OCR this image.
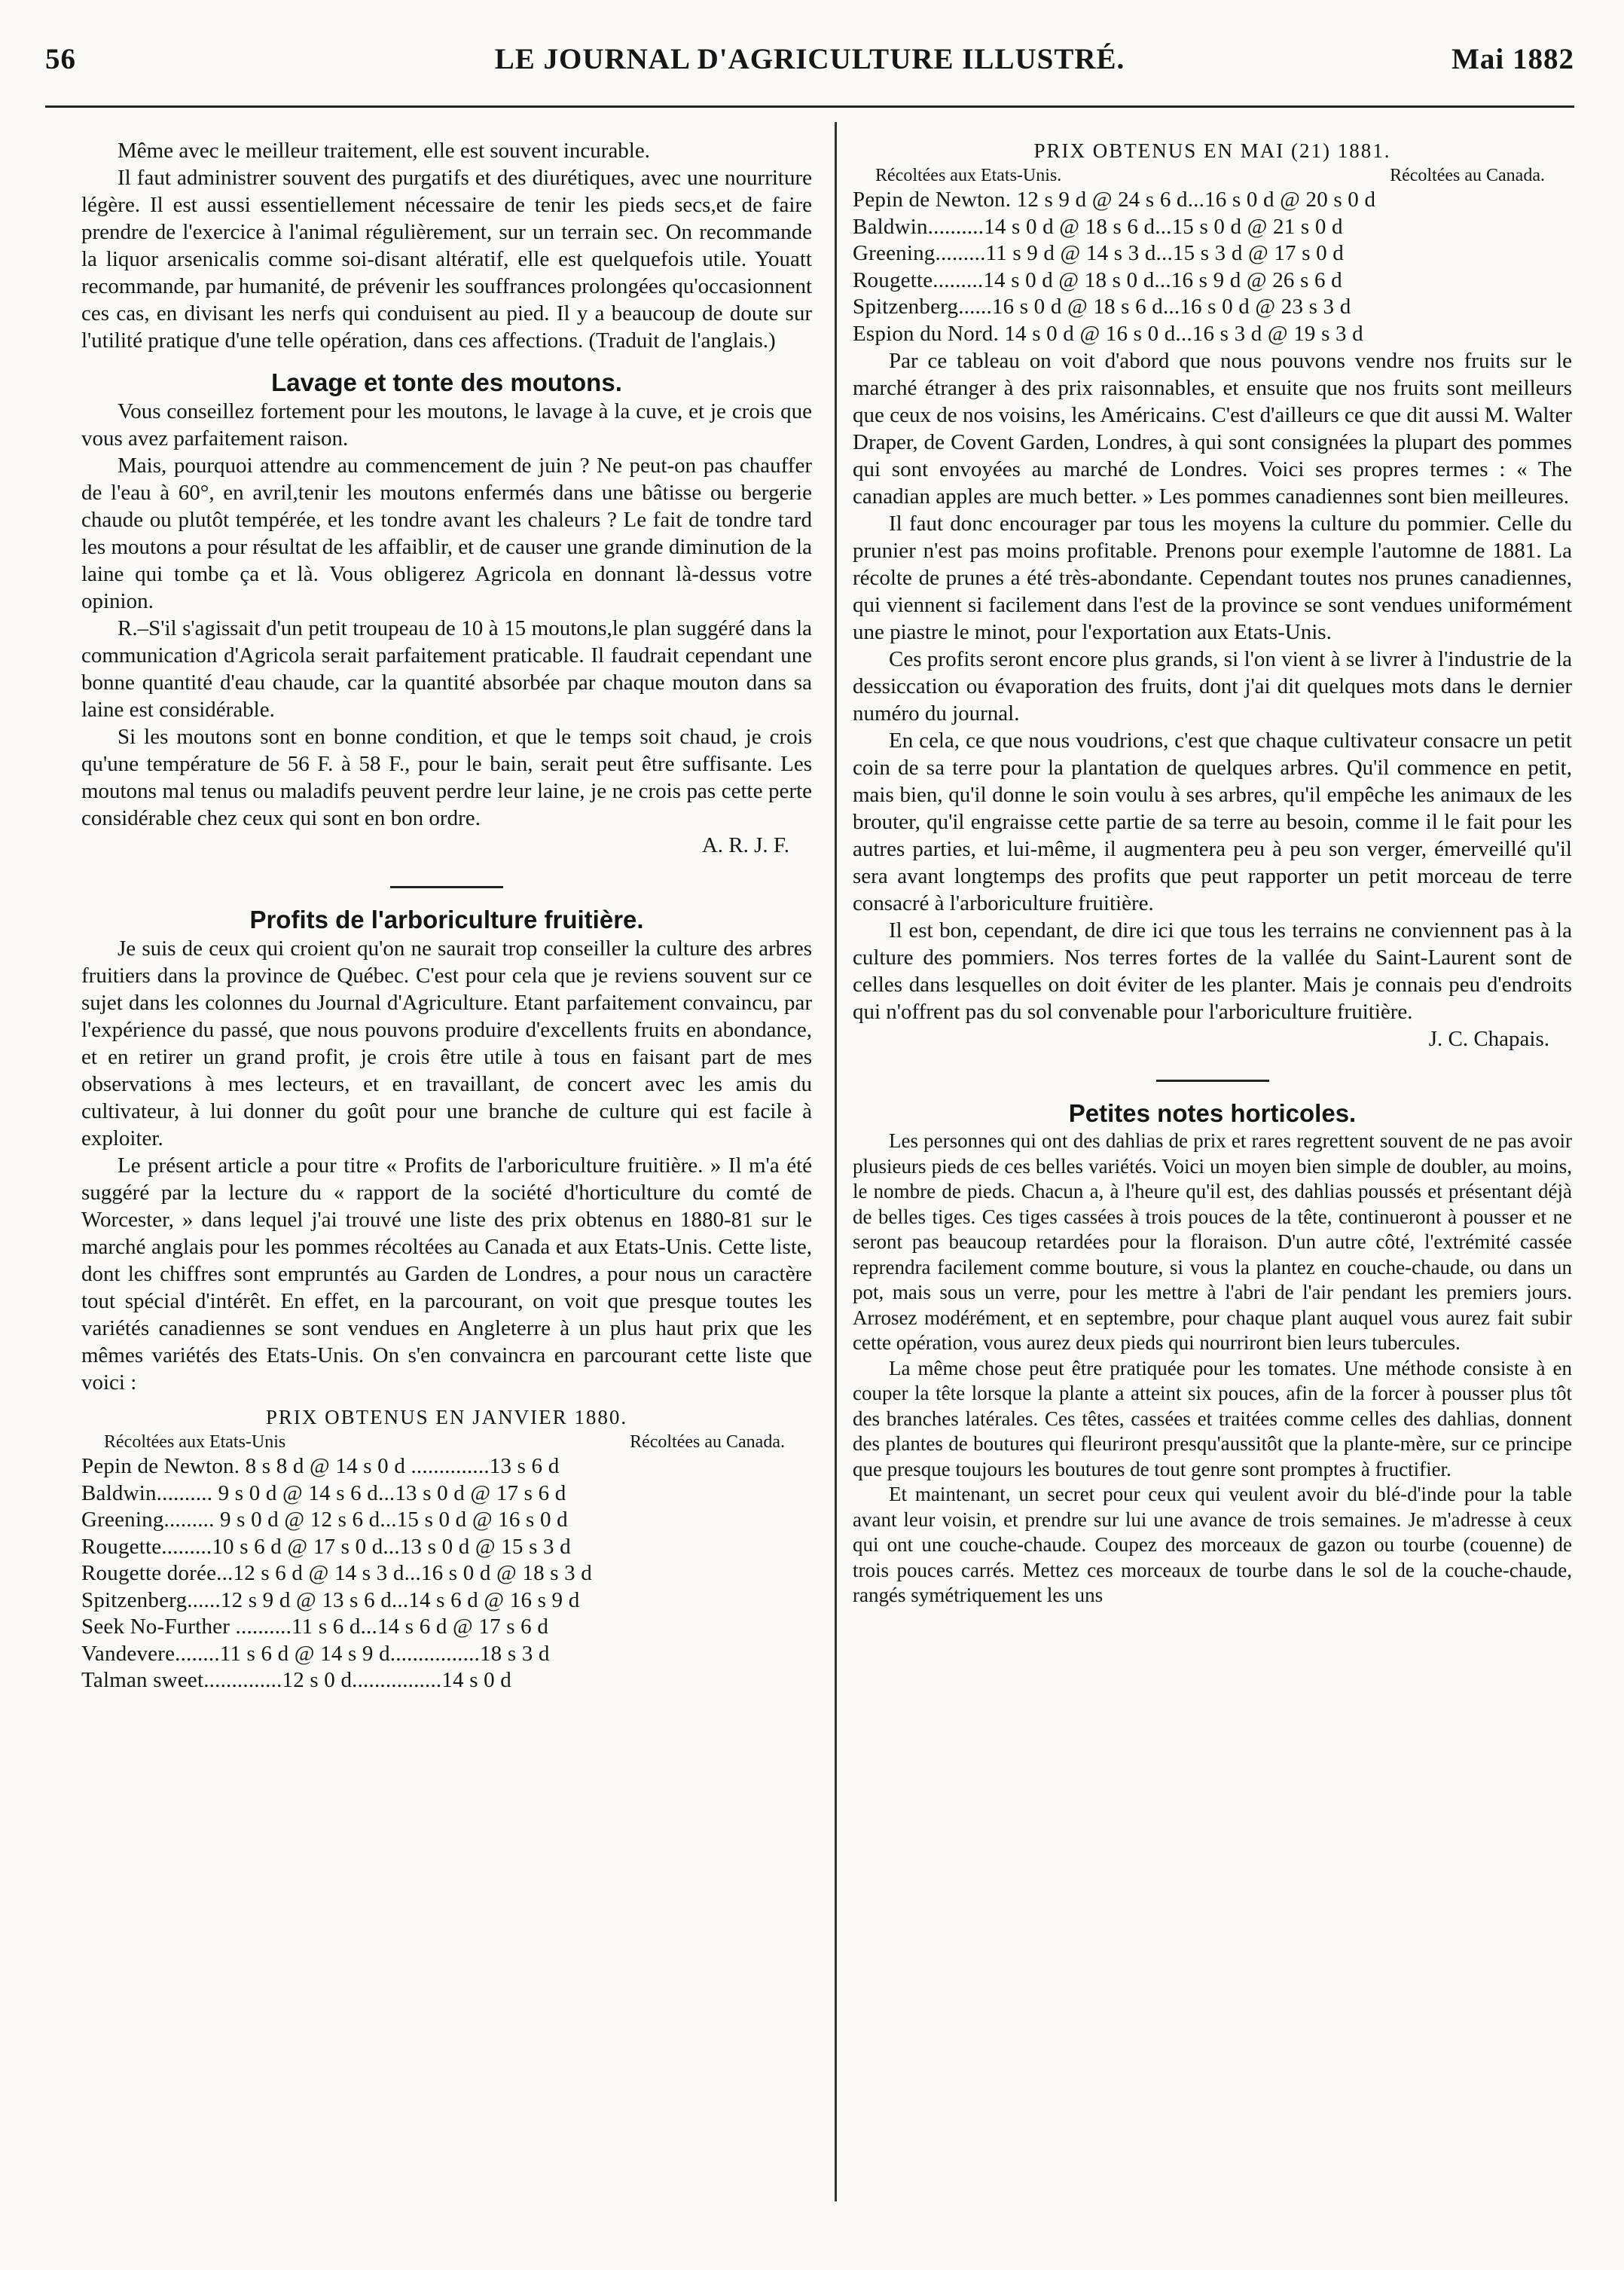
56	LE JOURNAL D'AGRICULTURE ILLUSTRÉ.	Mai 1882

Même avec le meilleur traitement, elle est souvent incurable.

Il faut administrer souvent des purgatifs et des diurétiques, avec une nourriture légère. Il est aussi essentiellement nécessaire de tenir les pieds secs,et de faire prendre de l'exercice à l'animal régulièrement, sur un terrain sec. On recommande la liquor arsenicalis comme soi-disant altératif, elle est quelquefois utile. Youatt recommande, par humanité, de prévenir les souffrances prolongées qu'occasionnent ces cas, en divisant les nerfs qui conduisent au pied. Il y a beaucoup de doute sur l'utilité pratique d'une telle opération, dans ces affections. (Traduit de l'anglais.)

Lavage et tonte des moutons.

Vous conseillez fortement pour les moutons, le lavage à la cuve, et je crois que vous avez parfaitement raison.

Mais, pourquoi attendre au commencement de juin ? Ne peut-on pas chauffer de l'eau à 60°, en avril,tenir les moutons enfermés dans une bâtisse ou bergerie chaude ou plutôt tempérée, et les tondre avant les chaleurs ? Le fait de tondre tard les moutons a pour résultat de les affaiblir, et de causer une grande diminution de la laine qui tombe ça et là. Vous obligerez Agricola en donnant là-dessus votre opinion.

R.–S'il s'agissait d'un petit troupeau de 10 à 15 moutons,le plan suggéré dans la communication d'Agricola serait parfaitement praticable. Il faudrait cependant une bonne quantité d'eau chaude, car la quantité absorbée par chaque mouton dans sa laine est considérable.

Si les moutons sont en bonne condition, et que le temps soit chaud, je crois qu'une température de 56 F. à 58 F., pour le bain, serait peut être suffisante. Les moutons mal tenus ou maladifs peuvent perdre leur laine, je ne crois pas cette perte considérable chez ceux qui sont en bon ordre.

A. R. J. F.

Profits de l'arboriculture fruitière.

Je suis de ceux qui croient qu'on ne saurait trop conseiller la culture des arbres fruitiers dans la province de Québec. C'est pour cela que je reviens souvent sur ce sujet dans les colonnes du Journal d'Agriculture. Etant parfaitement convaincu, par l'expérience du passé, que nous pouvons produire d'excellents fruits en abondance, et en retirer un grand profit, je crois être utile à tous en faisant part de mes observations à mes lecteurs, et en travaillant, de concert avec les amis du cultivateur, à lui donner du goût pour une branche de culture qui est facile à exploiter.

Le présent article a pour titre « Profits de l'arboriculture fruitière. » Il m'a été suggéré par la lecture du « rapport de la société d'horticulture du comté de Worcester, » dans lequel j'ai trouvé une liste des prix obtenus en 1880-81 sur le marché anglais pour les pommes récoltées au Canada et aux Etats-Unis. Cette liste, dont les chiffres sont empruntés au Garden de Londres, a pour nous un caractère tout spécial d'intérêt. En effet, en la parcourant, on voit que presque toutes les variétés canadiennes se sont vendues en Angleterre à un plus haut prix que les mêmes variétés des Etats-Unis. On s'en convaincra en parcourant cette liste que voici :

PRIX OBTENUS EN JANVIER 1880.

Récoltées aux Etats-Unis	Récoltées au Canada.
Pepin de Newton. 8 s 8 d @ 14 s 0 d ..............13 s 6 d
Baldwin.......... 9 s 0 d @ 14 s 6 d...13 s 0 d @ 17 s 6 d
Greening......... 9 s 0 d @ 12 s 6 d...15 s 0 d @ 16 s 0 d
Rougette.........10 s 6 d @ 17 s 0 d...13 s 0 d @ 15 s 3 d
Rougette dorée...12 s 6 d @ 14 s 3 d...16 s 0 d @ 18 s 3 d
Spitzenberg......12 s 9 d @ 13 s 6 d...14 s 6 d @ 16 s 9 d
Seek No-Further ..........11 s 6 d...14 s 6 d @ 17 s 6 d
Vandevere........11 s 6 d @ 14 s 9 d................18 s 3 d
Talman sweet..............12 s 0 d................14 s 0 d

PRIX OBTENUS EN MAI (21) 1881.

Récoltées aux Etats-Unis.	Récoltées au Canada.
Pepin de Newton. 12 s 9 d @ 24 s 6 d...16 s 0 d @ 20 s 0 d
Baldwin..........14 s 0 d @ 18 s 6 d...15 s 0 d @ 21 s 0 d
Greening.........11 s 9 d @ 14 s 3 d...15 s 3 d @ 17 s 0 d
Rougette.........14 s 0 d @ 18 s 0 d...16 s 9 d @ 26 s 6 d
Spitzenberg......16 s 0 d @ 18 s 6 d...16 s 0 d @ 23 s 3 d
Espion du Nord. 14 s 0 d @ 16 s 0 d...16 s 3 d @ 19 s 3 d

Par ce tableau on voit d'abord que nous pouvons vendre nos fruits sur le marché étranger à des prix raisonnables, et ensuite que nos fruits sont meilleurs que ceux de nos voisins, les Américains. C'est d'ailleurs ce que dit aussi M. Walter Draper, de Covent Garden, Londres, à qui sont consignées la plupart des pommes qui sont envoyées au marché de Londres. Voici ses propres termes : « The canadian apples are much better. » Les pommes canadiennes sont bien meilleures.

Il faut donc encourager par tous les moyens la culture du pommier. Celle du prunier n'est pas moins profitable. Prenons pour exemple l'automne de 1881. La récolte de prunes a été très-abondante. Cependant toutes nos prunes canadiennes, qui viennent si facilement dans l'est de la province se sont vendues uniformément une piastre le minot, pour l'exportation aux Etats-Unis.

Ces profits seront encore plus grands, si l'on vient à se livrer à l'industrie de la dessiccation ou évaporation des fruits, dont j'ai dit quelques mots dans le dernier numéro du journal.

En cela, ce que nous voudrions, c'est que chaque cultivateur consacre un petit coin de sa terre pour la plantation de quelques arbres. Qu'il commence en petit, mais bien, qu'il donne le soin voulu à ses arbres, qu'il empêche les animaux de les brouter, qu'il engraisse cette partie de sa terre au besoin, comme il le fait pour les autres parties, et lui-même, il augmentera peu à peu son verger, émerveillé qu'il sera avant longtemps des profits que peut rapporter un petit morceau de terre consacré à l'arboriculture fruitière.

Il est bon, cependant, de dire ici que tous les terrains ne conviennent pas à la culture des pommiers. Nos terres fortes de la vallée du Saint-Laurent sont de celles dans lesquelles on doit éviter de les planter. Mais je connais peu d'endroits qui n'offrent pas du sol convenable pour l'arboriculture fruitière.

J. C. Chapais.

Petites notes horticoles.

Les personnes qui ont des dahlias de prix et rares regrettent souvent de ne pas avoir plusieurs pieds de ces belles variétés. Voici un moyen bien simple de doubler, au moins, le nombre de pieds. Chacun a, à l'heure qu'il est, des dahlias poussés et présentant déjà de belles tiges. Ces tiges cassées à trois pouces de la tête, continueront à pousser et ne seront pas beaucoup retardées pour la floraison. D'un autre côté, l'extrémité cassée reprendra facilement comme bouture, si vous la plantez en couche-chaude, ou dans un pot, mais sous un verre, pour les mettre à l'abri de l'air pendant les premiers jours. Arrosez modérément, et en septembre, pour chaque plant auquel vous aurez fait subir cette opération, vous aurez deux pieds qui nourriront bien leurs tubercules.

La même chose peut être pratiquée pour les tomates. Une méthode consiste à en couper la tête lorsque la plante a atteint six pouces, afin de la forcer à pousser plus tôt des branches latérales. Ces têtes, cassées et traitées comme celles des dahlias, donnent des plantes de boutures qui fleuriront presqu'aussitôt que la plante-mère, sur ce principe que presque toujours les boutures de tout genre sont promptes à fructifier.

Et maintenant, un secret pour ceux qui veulent avoir du blé-d'inde pour la table avant leur voisin, et prendre sur lui une avance de trois semaines. Je m'adresse à ceux qui ont une couche-chaude. Coupez des morceaux de gazon ou tourbe (couenne) de trois pouces carrés. Mettez ces morceaux de tourbe dans le sol de la couche-chaude, rangés symétriquement les uns
